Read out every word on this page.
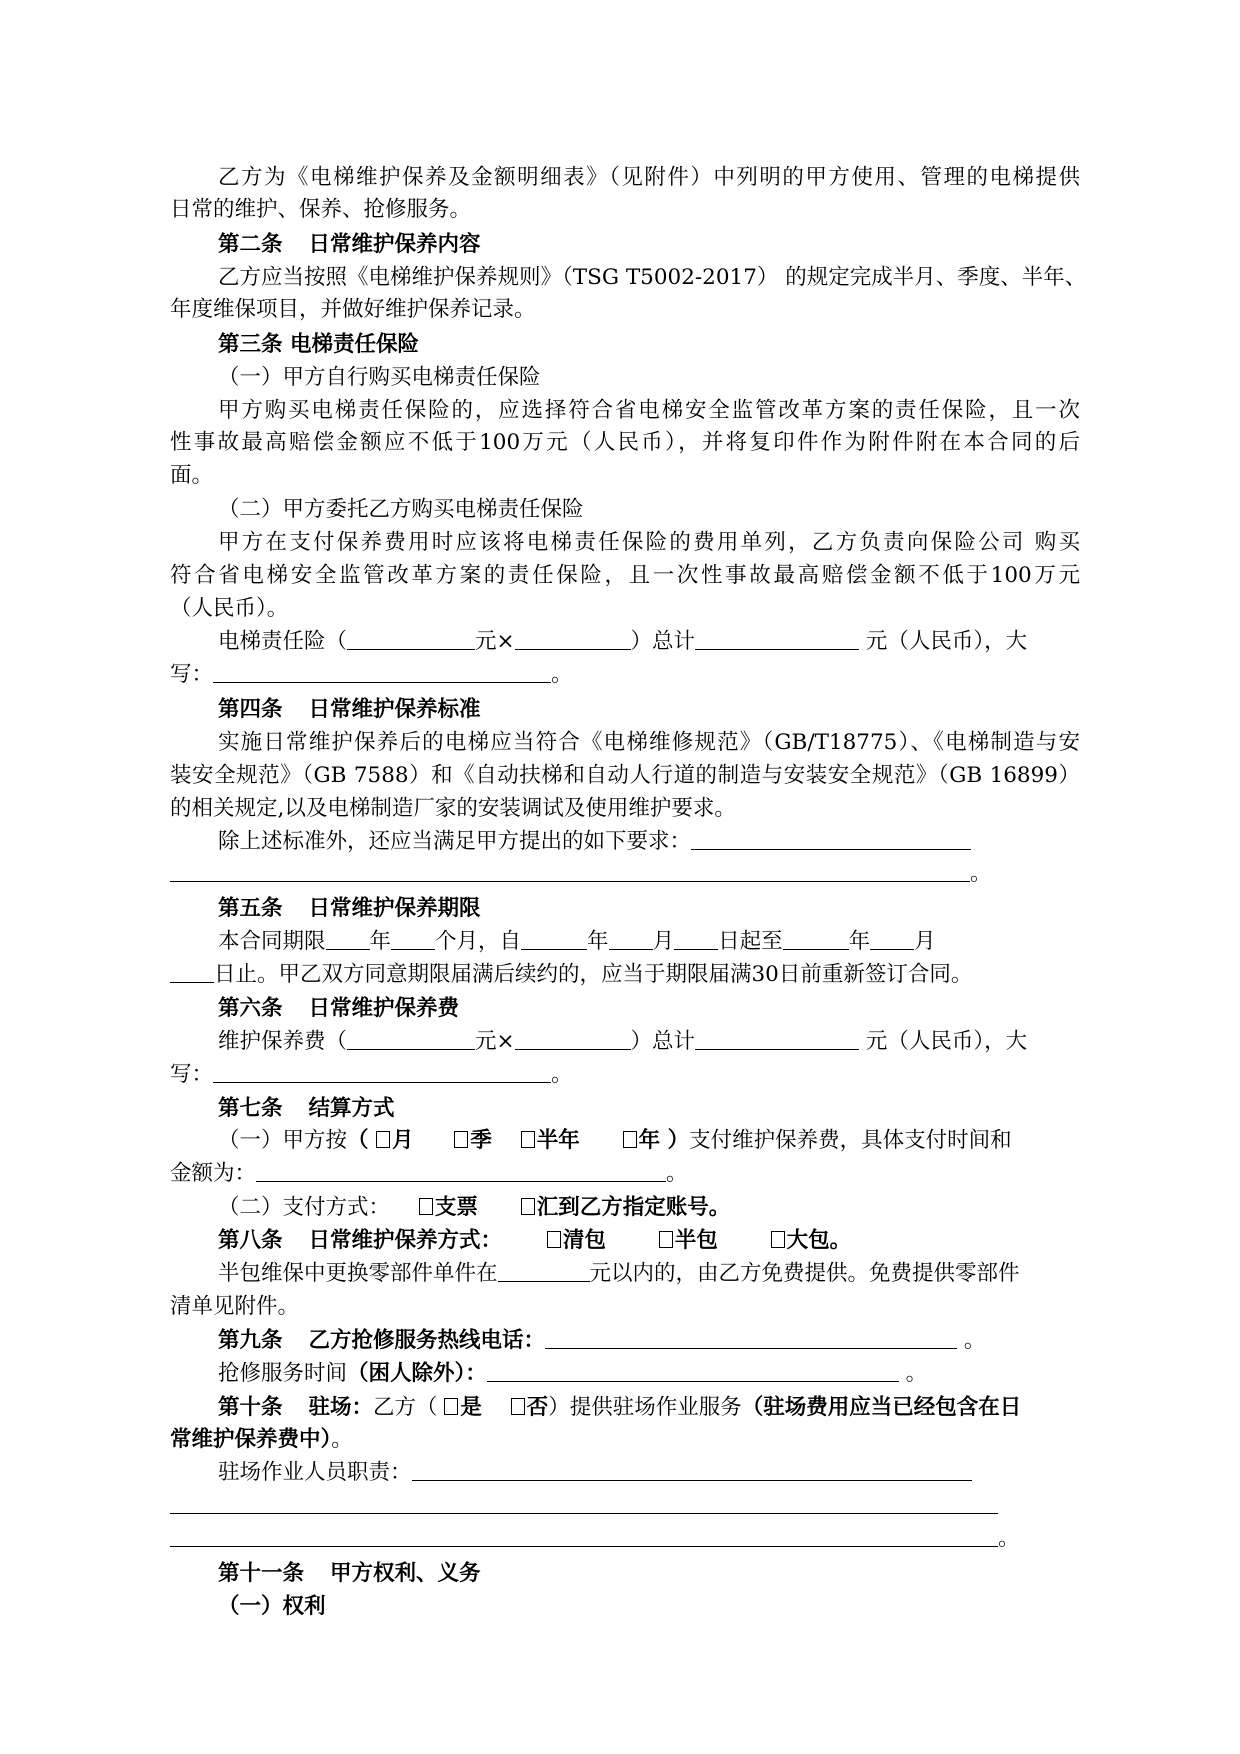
乙方为《电梯维护保养及金额明细表》（见附件）中列明的甲方使用、管理的电梯提供
日常的维护、保养、抢修服务。
第二条 日常维护保养内容
乙方应当按照《电梯维护保养规则》（TSG T5002-2017） 的规定完成半月、季度、半年、
年度维保项目，并做好维护保养记录。
第三条 电梯责任保险
（一）甲方自行购买电梯责任保险
甲方购买电梯责任保险的，应选择符合省电梯安全监管改革方案的责任保险，且一次
性事故最高赔偿金额应不低于100万元（人民币），并将复印件作为附件附在本合同的后
面。
（二）甲方委托乙方购买电梯责任保险
甲方在支付保养费用时应该将电梯责任保险的费用单列，乙方负责向保险公司 购买
符合省电梯安全监管改革方案的责任保险，且一次性事故最高赔偿金额不低于100万元
（人民币）。
电梯责任险（	元×	）总计	元（人民币），大
写：	。
第四条 日常维护保养标准
实施日常维护保养后的电梯应当符合《电梯维修规范》（GB/T18775）、《电梯制造与安
装安全规范》（GB 7588）和《自动扶梯和自动人行道的制造与安装安全规范》（GB 16899）
的相关规定,以及电梯制造厂家的安装调试及使用维护要求。
除上述标准外，还应当满足甲方提出的如下要求：
。
第五条 日常维护保养期限
本合同期限 年 个月，自	年 月 日起至	年 月
日止。甲乙双方同意期限届满后续约的，应当于期限届满30日前重新签订合同。
第六条 日常维护保养费
维护保养费（	元×	）总计	元（人民币），大
写：	。
第七条 结算方式
（一）甲方按（ 月	季 半年	年 ）支付维护保养费，具体支付时间和
金额为：	。
（二）支付方式： 支票	汇到乙方指定账号。
第八条 日常维护保养方式：	清包	半包	大包。
半包维保中更换零部件单件在	元以内的，由乙方免费提供。免费提供零部件
清单见附件。
第九条 乙方抢修服务热线电话：	。
抢修服务时间（困人除外）：	。
第十条 驻场：乙方（ 是 否）提供驻场作业服务（驻场费用应当已经包含在日
常维护保养费中）。
驻场作业人员职责：
。
第十一条 甲方权利、义务
（一）权利
